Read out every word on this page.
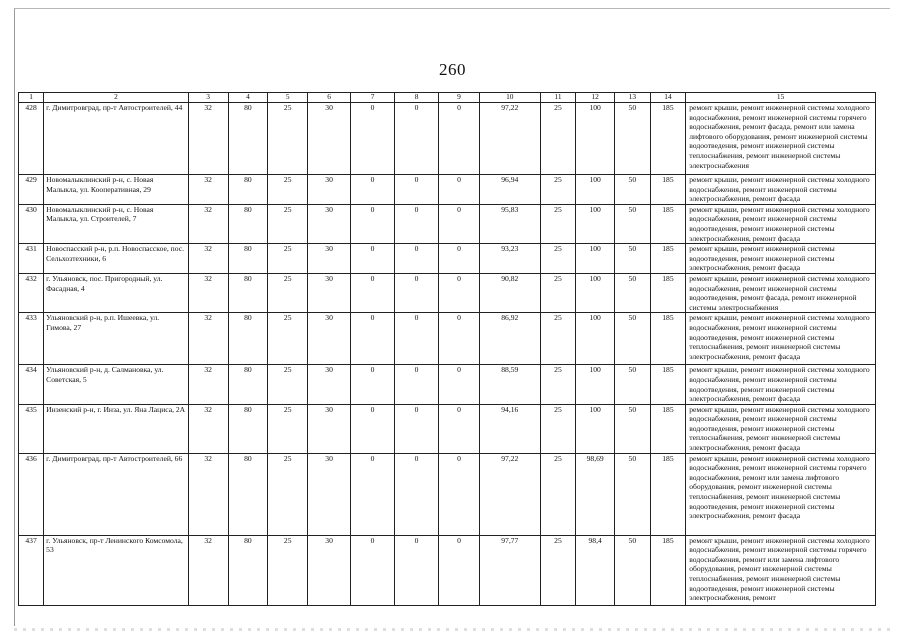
260
1	2	3	4	5	6	7	8	9	10	11	12	13	14	15
428	г. Димитровград, пр-т Автостроителей, 44	32	80	25	30	0	0	0	97,22	25	100	50	185	ремонт крыши, ремонт инженерной системы холодного водоснабжения, ремонт инженерной системы горячего водоснабжения, ремонт фасада, ремонт или замена лифтового оборудования, ремонт инженерной системы водоотведения, ремонт инженерной системы теплоснабжения, ремонт инженерной системы электроснабжения
429	Новомалыклинский р-н, с. Новая Малыкла, ул. Кооперативная, 29	32	80	25	30	0	0	0	96,94	25	100	50	185	ремонт крыши, ремонт инженерной системы холодного водоснабжения, ремонт инженерной системы электроснабжения, ремонт фасада
430	Новомалыклинский р-н, с. Новая Малыкла, ул. Строителей, 7	32	80	25	30	0	0	0	95,83	25	100	50	185	ремонт крыши, ремонт инженерной системы холодного водоснабжения, ремонт инженерной системы водоотведения, ремонт инженерной системы электроснабжения, ремонт фасада
431	Новоспасский р-н, р.п. Новоспасское, пос. Сельхозтехники, 6	32	80	25	30	0	0	0	93,23	25	100	50	185	ремонт крыши, ремонт инженерной системы водоотведения, ремонт инженерной системы электроснабжения, ремонт фасада
432	г. Ульяновск, пос. Пригородный, ул. Фасадная, 4	32	80	25	30	0	0	0	90,82	25	100	50	185	ремонт крыши, ремонт инженерной системы холодного водоснабжения, ремонт инженерной системы водоотведения, ремонт фасада, ремонт инженерной системы электроснабжения
433	Ульяновский р-н, р.п. Ишеевка, ул. Гимова, 27	32	80	25	30	0	0	0	86,92	25	100	50	185	ремонт крыши, ремонт инженерной системы холодного водоснабжения, ремонт инженерной системы водоотведения, ремонт инженерной системы теплоснабжения, ремонт инженерной системы электроснабжения, ремонт фасада
434	Ульяновский р-н, д. Салмановка, ул. Советская, 5	32	80	25	30	0	0	0	88,59	25	100	50	185	ремонт крыши, ремонт инженерной системы холодного водоснабжения, ремонт инженерной системы водоотведения, ремонт инженерной системы электроснабжения, ремонт фасада
435	Инзенский р-н, г. Инза, ул. Яна Лациса, 2А	32	80	25	30	0	0	0	94,16	25	100	50	185	ремонт крыши, ремонт инженерной системы холодного водоснабжения, ремонт инженерной системы водоотведения, ремонт инженерной системы теплоснабжения, ремонт инженерной системы электроснабжения, ремонт фасада
436	г. Димитровград, пр-т Автостроителей, 66	32	80	25	30	0	0	0	97,22	25	98,69	50	185	ремонт крыши, ремонт инженерной системы холодного водоснабжения, ремонт инженерной системы горячего водоснабжения, ремонт или замена лифтового оборудования, ремонт инженерной системы теплоснабжения, ремонт инженерной системы водоотведения, ремонт инженерной системы электроснабжения, ремонт фасада
437	г. Ульяновск, пр-т Ленинского Комсомола, 53	32	80	25	30	0	0	0	97,77	25	98,4	50	185	ремонт крыши, ремонт инженерной системы холодного водоснабжения, ремонт инженерной системы горячего водоснабжения, ремонт или замена лифтового оборудования, ремонт инженерной системы теплоснабжения, ремонт инженерной системы водоотведения, ремонт инженерной системы электроснабжения, ремонт
